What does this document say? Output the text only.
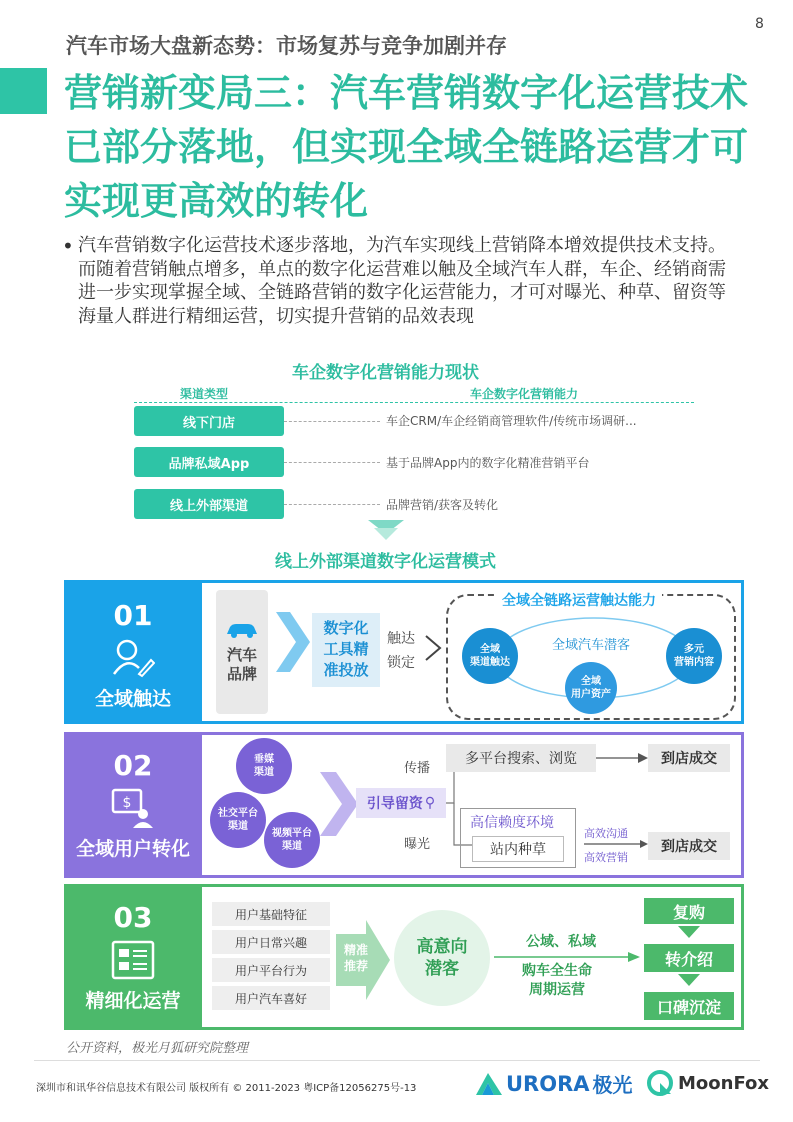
8
汽车市场大盘新态势：市场复苏与竞争加剧并存
营销新变局三：汽车营销数字化运营技术已部分落地，但实现全域全链路运营才可实现更高效的转化
• 汽车营销数字化运营技术逐步落地，为汽车实现线上营销降本增效提供技术支持。而随着营销触点增多，单点的数字化运营难以触及全域汽车人群，车企、经销商需进一步实现掌握全域、全链路营销的数字化运营能力，才可对曝光、种草、留资等海量人群进行精细运营，切实提升营销的品效表现
车企数字化营销能力现状
渠道类型	车企数字化营销能力
线下门店	车企CRM/车企经销商管理软件/传统市场调研...
品牌私域App	基于品牌App内的数字化精准营销平台
线上外部渠道	品牌营销/获客及转化
线上外部渠道数字化运营模式
01
全域触达
汽车
品牌
数字化
工具精
准投放
触达
锁定
全域全链路运营触达能力
全域汽车潜客
全域
渠道触达
多元
营销内容
全域
用户资产
02
$
全域用户转化
垂媒
渠道
社交平台
渠道
视频平台
渠道
引导留资 ⚲
传播
多平台搜索、浏览	到店成交
曝光
高信赖度环境
站内种草
高效沟通
高效营销
到店成交
03
精细化运营
用户基础特征
用户日常兴趣
用户平台行为
用户汽车喜好
精准
推荐
高意向
潜客
公域、私域
购车全生命
周期运营
复购
转介绍
口碑沉淀
公开资料，极光月狐研究院整理
深圳市和讯华谷信息技术有限公司 版权所有 © 2011-2023 粤ICP备12056275号-13	URORA 极光	MoonFox
